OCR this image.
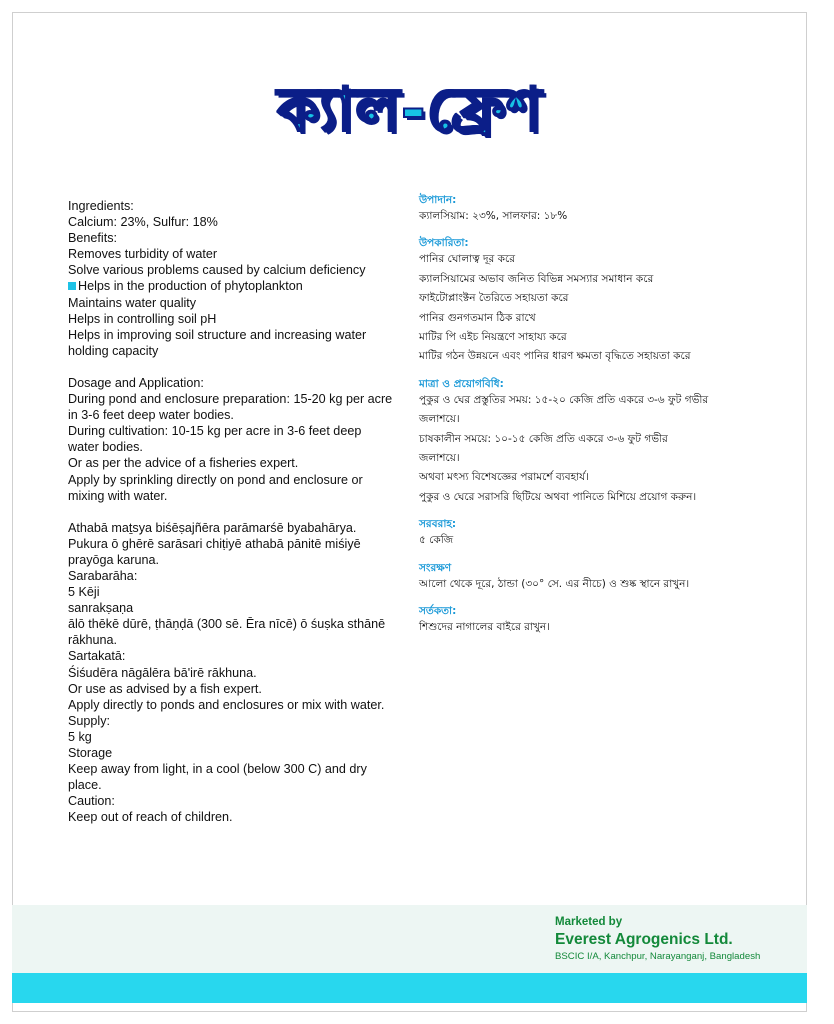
ক্যাল-ফ্রেশ
Ingredients:
Calcium: 23%, Sulfur: 18%
Benefits:
Removes turbidity of water
Solve various problems caused by calcium deficiency
Helps in the production of phytoplankton
Maintains water quality
Helps in controlling soil pH
Helps in improving soil structure and increasing water holding capacity
Dosage and Application:
During pond and enclosure preparation: 15-20 kg per acre in 3-6 feet deep water bodies.
During cultivation: 10-15 kg per acre in 3-6 feet deep water bodies.
Or as per the advice of a fisheries expert.
Apply by sprinkling directly on pond and enclosure or mixing with water.
Athabā maṯsya biśēṣajñēra parāmarśē byabahārya.
Pukura ō ghērē sarāsari chiṭiyē athabā pānitē miśiyē prayōga karuna.
Sarabarāha:
5 Kēji
sanrakṣaṇa
ālō thēkē dūrē, ṭhāṇḍā (300 sē. Ēra nīcē) ō śuṣka sthānē rākhuna.
Sartakatā:
Śiśudēra nāgālēra bā'irē rākhuna.
Or use as advised by a fish expert.
Apply directly to ponds and enclosures or mix with water.
Supply:
5 kg
Storage
Keep away from light, in a cool (below 300 C) and dry place.
Caution:
Keep out of reach of children.
উপাদান:
ক্যালসিয়াম: ২৩%, সালফার: ১৮%
উপকারিতা:
পানির ঘোলাত্ব দূর করে
ক্যালসিয়ামের অভাব জনিত বিভিন্ন সমস্যার সমাধান করে
ফাইটোপ্লাংক্টন তৈরিতে সহায়তা করে
পানির গুনগতমান ঠিক রাখে
মাটির পি এইচ নিয়ন্ত্রণে সাহায্য করে
মাটির গঠন উন্নয়নে এবং পানির ধারণ ক্ষমতা বৃদ্ধিতে সহায়তা করে
মাত্রা ও প্রয়োগবিধি:
পুকুর ও ঘের প্রস্তুতির সময়: ১৫-২০ কেজি প্রতি একরে ৩-৬ ফুট গভীর
জলাশয়ে।
চাষকালীন সময়ে: ১০-১৫ কেজি প্রতি একরে ৩-৬ ফুট গভীর
জলাশয়ে।
অথবা মৎস্য বিশেষজ্ঞের পরামর্শে ব্যবহার্য।
পুকুর ও ঘেরে সরাসরি ছিটিয়ে অথবা পানিতে মিশিয়ে প্রয়োগ করুন।
সরবরাহ:
৫ কেজি
সংরক্ষণ
আলো থেকে দূরে, ঠান্ডা (৩০° সে. এর নীচে) ও শুষ্ক স্থানে রাখুন।
সর্তকতা:
শিশুদের নাগালের বাইরে রাখুন।
Marketed by
Everest Agrogenics Ltd.
BSCIC I/A, Kanchpur, Narayanganj, Bangladesh
